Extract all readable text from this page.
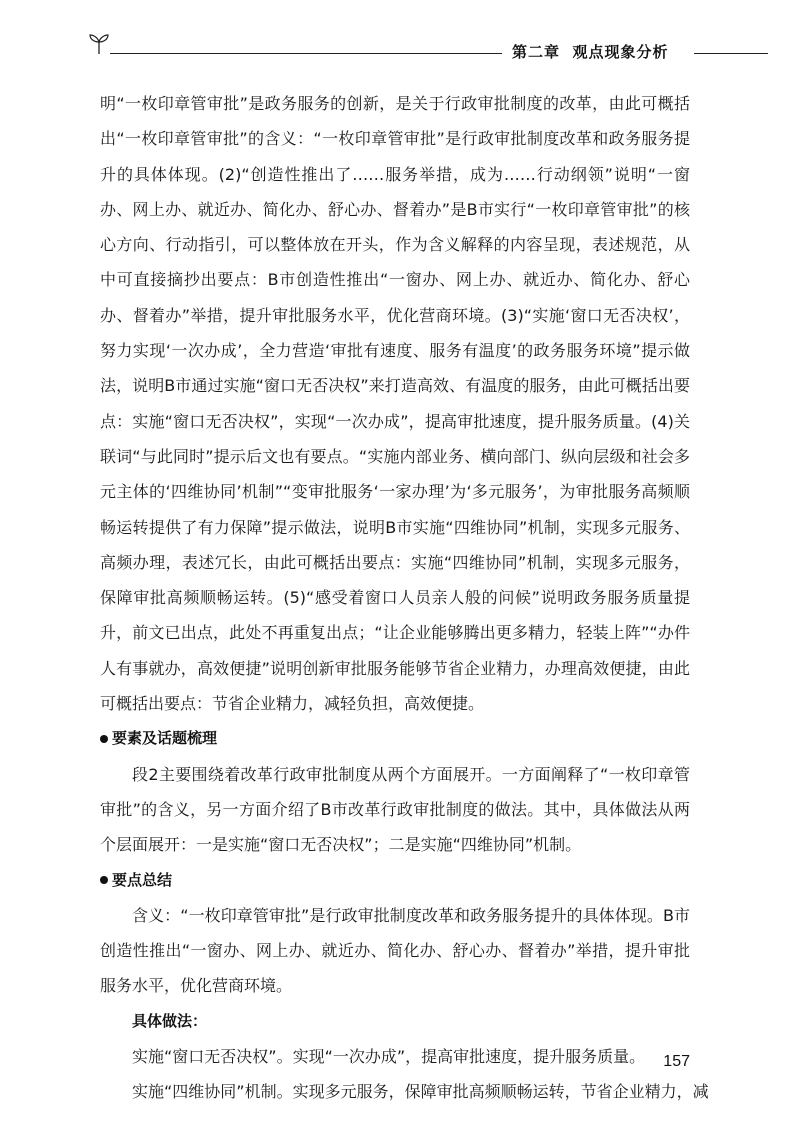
第二章 观点现象分析

明“一枚印章管审批”是政务服务的创新，是关于行政审批制度的改革，由此可概括出“一枚印章管审批”的含义：“一枚印章管审批”是行政审批制度改革和政务服务提升的具体体现。(2)“创造性推出了……服务举措，成为……行动纲领”说明“一窗办、网上办、就近办、简化办、舒心办、督着办”是B市实行“一枚印章管审批”的核心方向、行动指引，可以整体放在开头，作为含义解释的内容呈现，表述规范，从中可直接摘抄出要点：B市创造性推出“一窗办、网上办、就近办、简化办、舒心办、督着办”举措，提升审批服务水平，优化营商环境。(3)“实施‘窗口无否决权’，努力实现‘一次办成’，全力营造‘审批有速度、服务有温度’的政务服务环境”提示做法，说明B市通过实施“窗口无否决权”来打造高效、有温度的服务，由此可概括出要点：实施“窗口无否决权”，实现“一次办成”，提高审批速度，提升服务质量。(4)关联词“与此同时”提示后文也有要点。“实施内部业务、横向部门、纵向层级和社会多元主体的‘四维协同’机制”“变审批服务‘一家办理’为‘多元服务’，为审批服务高频顺畅运转提供了有力保障”提示做法，说明B市实施“四维协同”机制，实现多元服务、高频办理，表述冗长，由此可概括出要点：实施“四维协同”机制，实现多元服务，保障审批高频顺畅运转。(5)“感受着窗口人员亲人般的问候”说明政务服务质量提升，前文已出点，此处不再重复出点；“让企业能够腾出更多精力，轻装上阵”“办件人有事就办，高效便捷”说明创新审批服务能够节省企业精力，办理高效便捷，由此可概括出要点：节省企业精力，减轻负担，高效便捷。

要素及话题梳理

段2主要围绕着改革行政审批制度从两个方面展开。一方面阐释了“一枚印章管审批”的含义，另一方面介绍了B市改革行政审批制度的做法。其中，具体做法从两个层面展开：一是实施“窗口无否决权”；二是实施“四维协同”机制。

要点总结

含义：“一枚印章管审批”是行政审批制度改革和政务服务提升的具体体现。B市创造性推出“一窗办、网上办、就近办、简化办、舒心办、督着办”举措，提升审批服务水平，优化营商环境。

具体做法：
实施“窗口无否决权”。实现“一次办成”，提高审批速度，提升服务质量。
实施“四维协同”机制。实现多元服务，保障审批高频顺畅运转，节省企业精力，减
157
